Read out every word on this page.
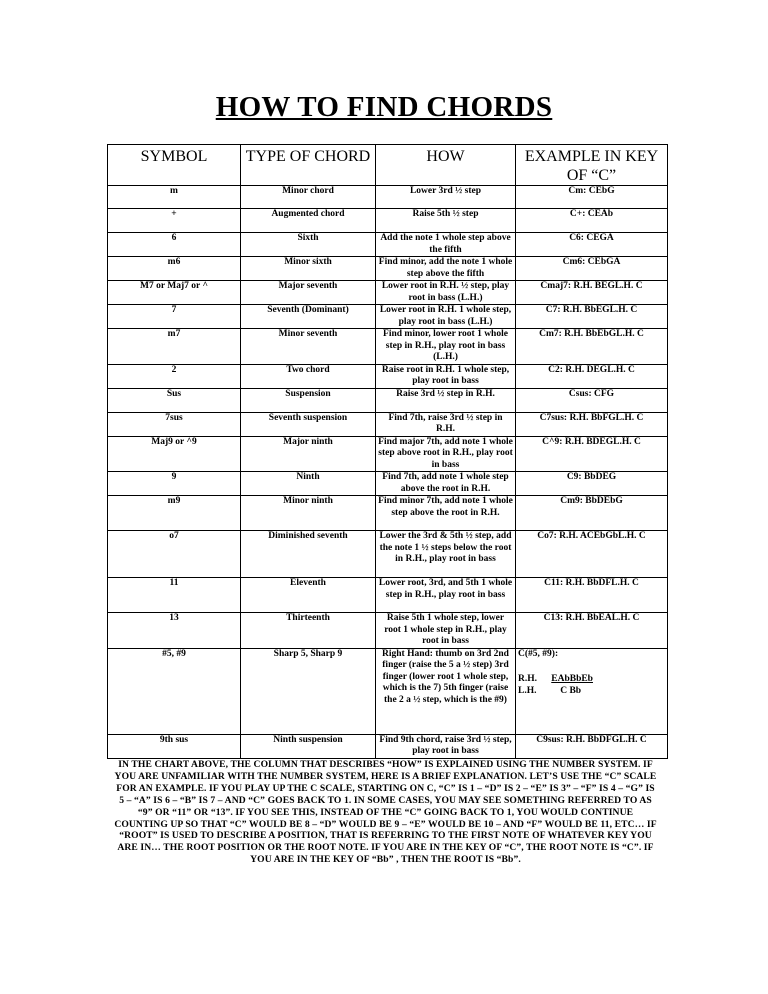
HOW TO FIND CHORDS
SYMBOL	TYPE OF CHORD	HOW	EXAMPLE IN KEY OF “C”
m	Minor chord	Lower 3rd ½ step	Cm: CEbG
+	Augmented chord	Raise 5th ½ step	C+: CEAb
6	Sixth	Add the note 1 whole step above the fifth	C6: CEGA
m6	Minor sixth	Find minor, add the note 1 whole step above the fifth	Cm6: CEbGA
M7 or Maj7 or ^	Major seventh	Lower root in R.H. ½ step, play root in bass (L.H.)	Cmaj7: R.H. BEGL.H. C
7	Seventh (Dominant)	Lower root in R.H. 1 whole step, play root in bass (L.H.)	C7: R.H. BbEGL.H. C
m7	Minor seventh	Find minor, lower root 1 whole step in R.H., play root in bass (L.H.)	Cm7: R.H. BbEbGL.H. C
2	Two chord	Raise root in R.H. 1 whole step, play root in bass	C2: R.H. DEGL.H. C
Sus	Suspension	Raise 3rd ½ step in R.H.	Csus: CFG
7sus	Seventh suspension	Find 7th, raise 3rd ½ step in R.H.	C7sus: R.H. BbFGL.H. C
Maj9 or ^9	Major ninth	Find major 7th, add note 1 whole step above root in R.H., play root in bass	C^9: R.H. BDEGL.H. C
9	Ninth	Find 7th, add note 1 whole step above the root in R.H.	C9: BbDEG
m9	Minor ninth	Find minor 7th, add note 1 whole step above the root in R.H.	Cm9: BbDEbG
o7	Diminished seventh	Lower the 3rd & 5th ½ step, add the note 1 ½ steps below the root in R.H., play root in bass	Co7: R.H. ACEbGbL.H. C
11	Eleventh	Lower root, 3rd, and 5th 1 whole step in R.H., play root in bass	C11: R.H. BbDFL.H. C
13	Thirteenth	Raise 5th 1 whole step, lower root 1 whole step in R.H., play root in bass	C13: R.H. BbEAL.H. C
#5, #9	Sharp 5, Sharp 9	Right Hand: thumb on 3rd 2nd finger (raise the 5 a ½ step) 3rd finger (lower root 1 whole step, which is the 7) 5th finger (raise the 2 a ½ step, which is the #9)	C(#5, #9):
R.H. EAbBbEb
L.H. C Bb

9th sus	Ninth suspension	Find 9th chord, raise 3rd ½ step, play root in bass	C9sus: R.H. BbDFGL.H. C
IN THE CHART ABOVE, THE COLUMN THAT DESCRIBES “HOW” IS EXPLAINED USING THE NUMBER SYSTEM. IF YOU ARE UNFAMILIAR WITH THE NUMBER SYSTEM, HERE IS A BRIEF EXPLANATION. LET’S USE THE “C” SCALE FOR AN EXAMPLE. IF YOU PLAY UP THE C SCALE, STARTING ON C, “C” IS 1 – “D” IS 2 – “E” IS 3” – “F” IS 4 – “G” IS 5 – “A” IS 6 – “B” IS 7 – AND “C” GOES BACK TO 1. IN SOME CASES, YOU MAY SEE SOMETHING REFERRED TO AS “9” OR “11” OR “13”. IF YOU SEE THIS, INSTEAD OF THE “C” GOING BACK TO 1, YOU WOULD CONTINUE COUNTING UP SO THAT “C” WOULD BE 8 – “D” WOULD BE 9 – “E” WOULD BE 10 – AND “F” WOULD BE 11, ETC… IF “ROOT” IS USED TO DESCRIBE A POSITION, THAT IS REFERRING TO THE FIRST NOTE OF WHATEVER KEY YOU ARE IN… THE ROOT POSITION OR THE ROOT NOTE. IF YOU ARE IN THE KEY OF “C”, THE ROOT NOTE IS “C”. IF YOU ARE IN THE KEY OF “Bb” , THEN THE ROOT IS “Bb”.
